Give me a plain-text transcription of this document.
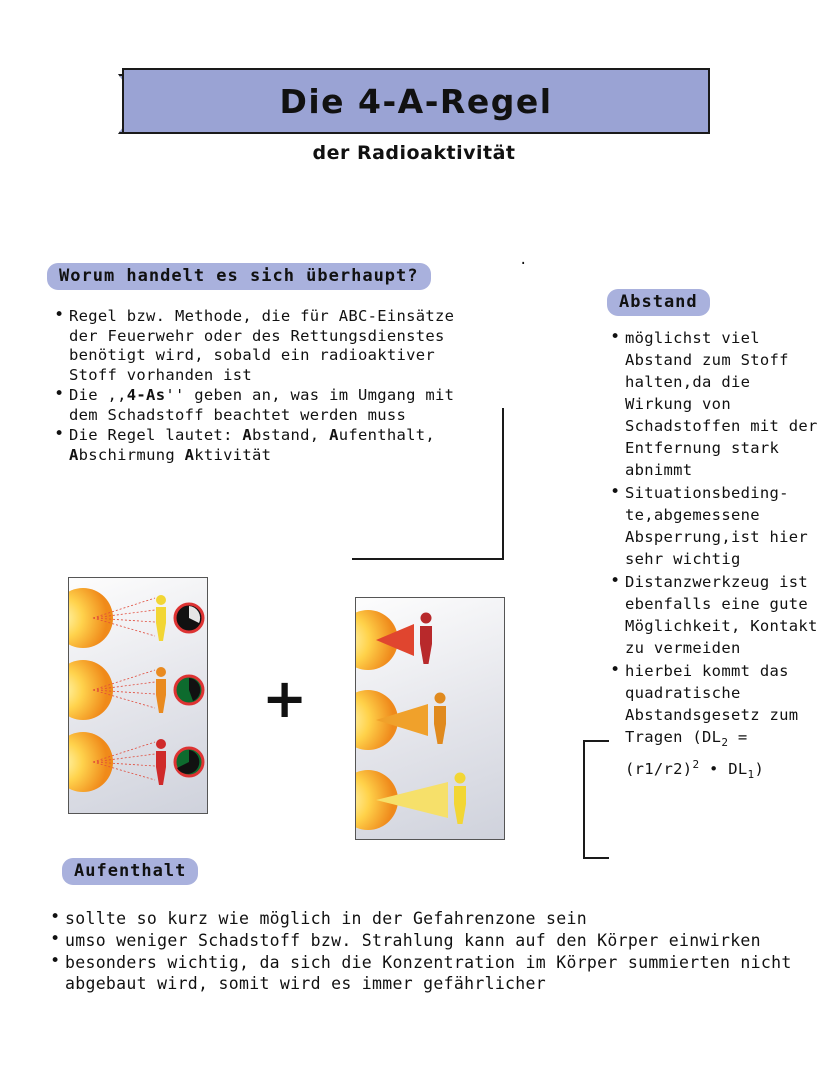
Die 4-A-Regel
der Radioaktivität
.
Worum handelt es sich überhaupt?
• Regel bzw. Methode, die für ABC-Einsätze der Feuerwehr oder des Rettungsdienstes benötigt wird, sobald ein radioaktiver Stoff vorhanden ist
• Die ,,4-As'' geben an, was im Umgang mit dem Schadstoff beachtet werden muss
• Die Regel lautet: Abstand, Aufenthalt, Abschirmung Aktivität
Abstand
• möglichst viel Abstand zum Stoff halten,da die Wirkung von Schadstoffen mit der Entfernung stark abnimmt
• Situationsbeding-te,abgemessene Absperrung,ist hier sehr wichtig
• Distanzwerkzeug ist ebenfalls eine gute Möglichkeit, Kontakt zu vermeiden
• hierbei kommt das quadratische Abstandsgesetz zum Tragen ($DL_2 = (r1/r2)^2$ • $DL_1$)
+
Aufenthalt
• sollte so kurz wie möglich in der Gefahrenzone sein
• umso weniger Schadstoff bzw. Strahlung kann auf den Körper einwirken
• besonders wichtig, da sich die Konzentration im Körper summierten nicht abgebaut wird, somit wird es immer gefährlicher
